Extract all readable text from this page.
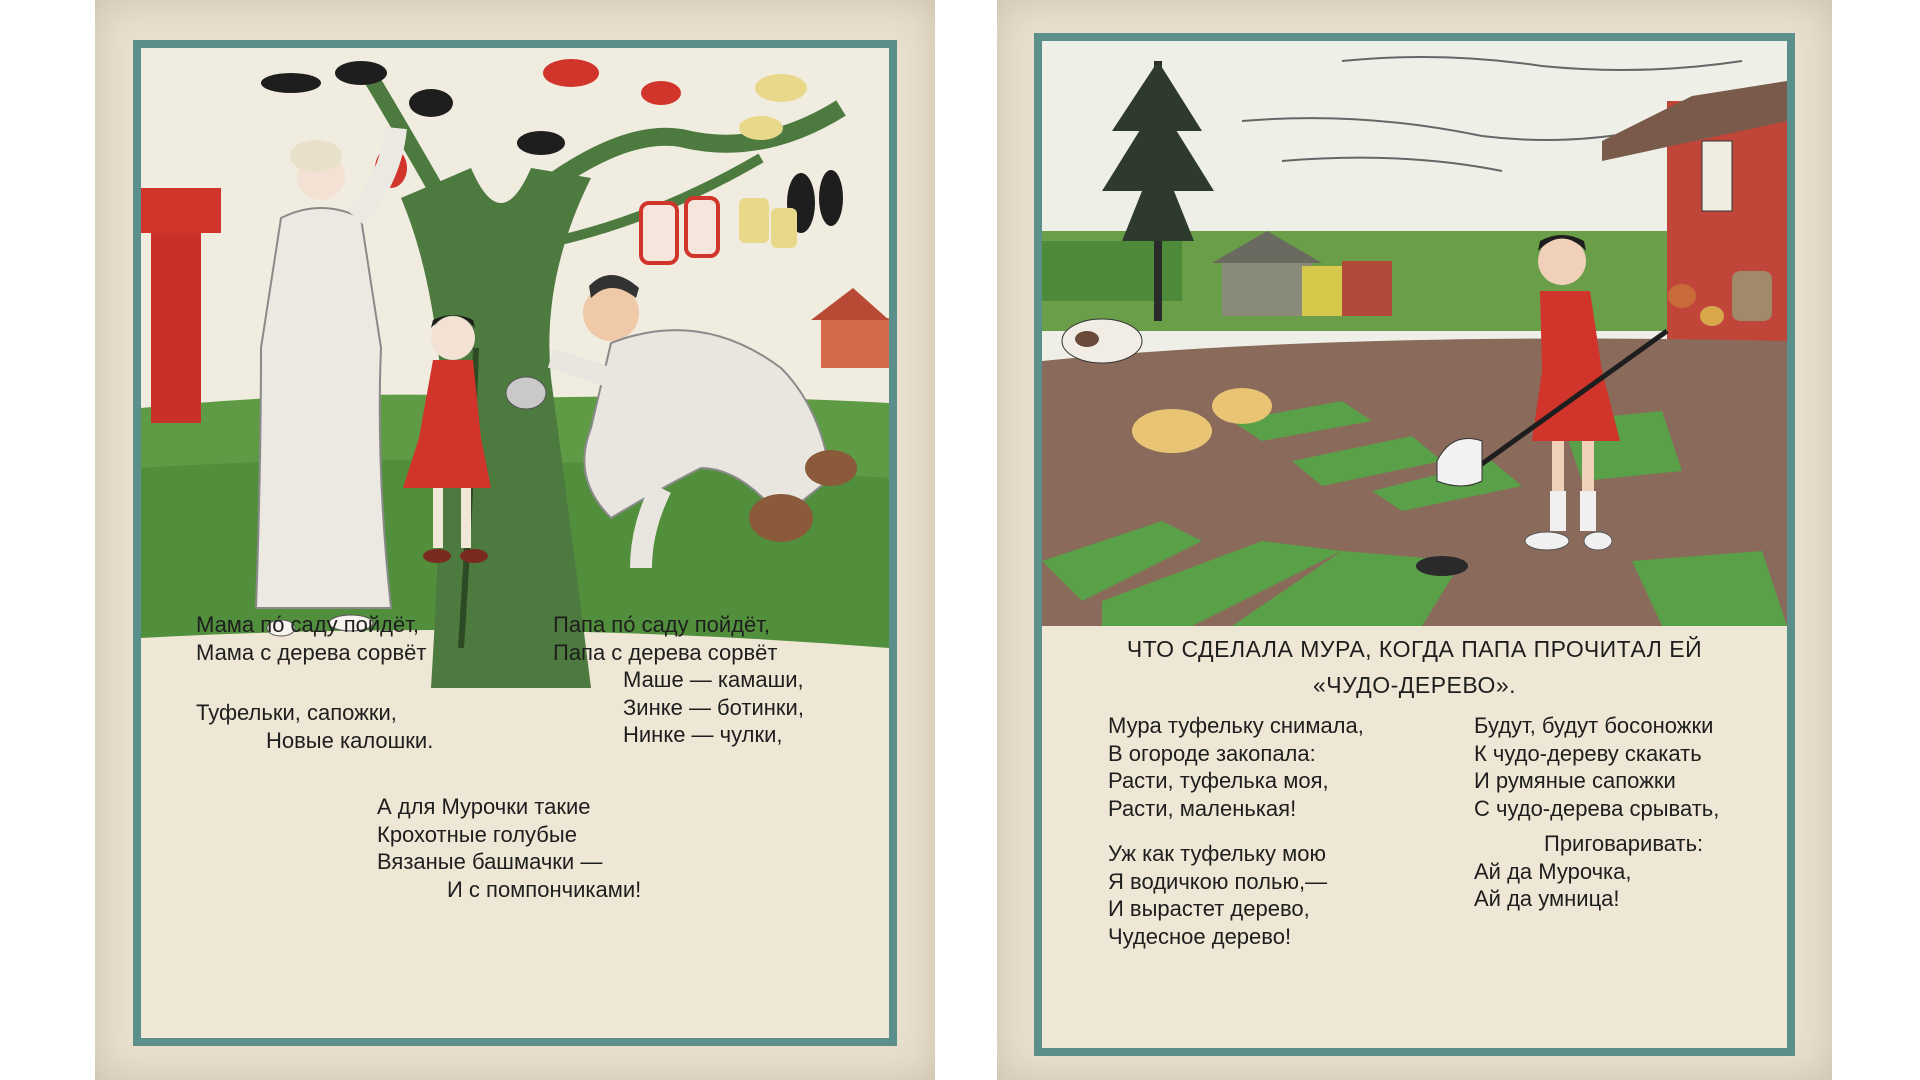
Мама по́ саду пойдёт,
Мама с дерева сорвёт
Туфельки, сапожки,
Новые калошки.
Папа по́ саду пойдёт,
Папа с дерева сорвёт
Маше — камаши,
Зинке — ботинки,
Нинке — чулки,
А для Мурочки такие
Крохотные голубые
Вязаные башмачки —
И с помпончиками!
ЧТО СДЕЛАЛА МУРА, КОГДА ПАПА ПРОЧИТАЛ ЕЙ
«ЧУДО-ДЕРЕВО».
Мура туфельку снимала,
В огороде закопала:
Расти, туфелька моя,
Расти, маленькая!
Уж как туфельку мою
Я водичкою полью,—
И вырастет дерево,
Чудесное дерево!
Будут, будут босоножки
К чудо-дереву скакать
И румяные сапожки
С чудо-дерева срывать,
Приговаривать:
Ай да Мурочка,
Ай да умница!
